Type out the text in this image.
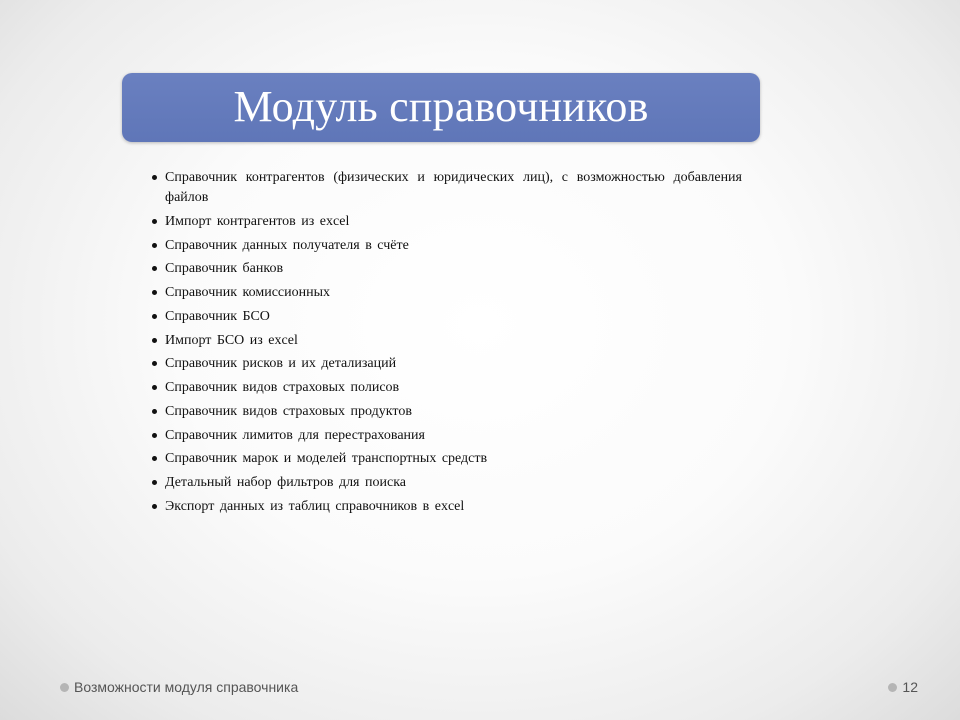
Модуль справочников
Справочник контрагентов (физических и юридических лиц), с возможностью добавления файлов
Импорт контрагентов из excel
Справочник данных получателя в счёте
Справочник банков
Справочник комиссионных
Справочник БСО
Импорт БСО из excel
Справочник рисков и их детализаций
Справочник видов страховых полисов
Справочник видов страховых продуктов
Справочник лимитов для перестрахования
Справочник марок и моделей транспортных средств
Детальный набор фильтров для поиска
Экспорт данных из таблиц справочников в excel
Возможности модуля справочника	12
